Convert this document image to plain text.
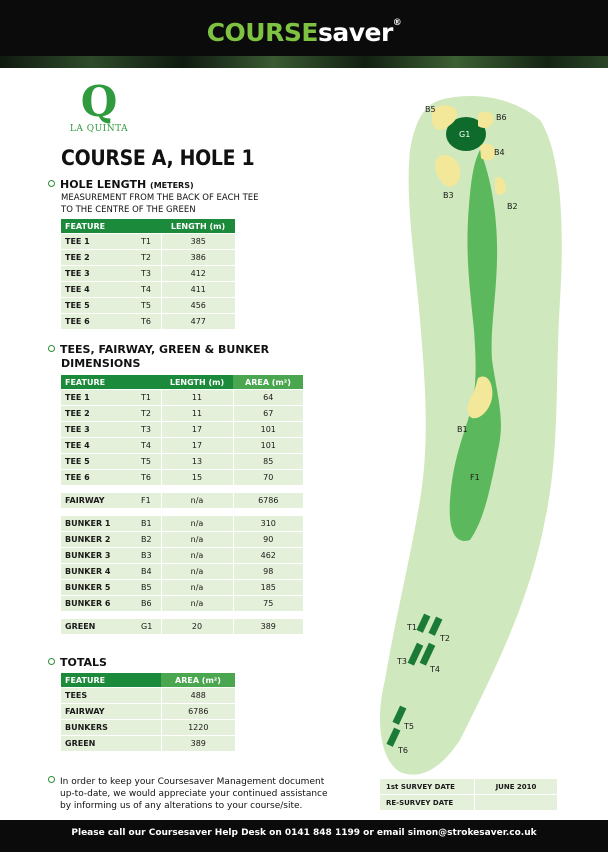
COURSEsaver®
Q
LA QUINTA
COURSE A, HOLE 1
HOLE LENGTH (METERS)
MEASUREMENT FROM THE BACK OF EACH TEE
TO THE CENTRE OF THE GREEN
FEATURE		LENGTH (m)
TEE 1	T1	385
TEE 2	T2	386
TEE 3	T3	412
TEE 4	T4	411
TEE 5	T5	456
TEE 6	T6	477
TEES, FAIRWAY, GREEN & BUNKER
DIMENSIONS
FEATURE		LENGTH (m)	AREA (m²)
TEE 1	T1	11	64
TEE 2	T2	11	67
TEE 3	T3	17	101
TEE 4	T4	17	101
TEE 5	T5	13	85
TEE 6	T6	15	70

FAIRWAY	F1	n/a	6786

BUNKER 1	B1	n/a	310
BUNKER 2	B2	n/a	90
BUNKER 3	B3	n/a	462
BUNKER 4	B4	n/a	98
BUNKER 5	B5	n/a	185
BUNKER 6	B6	n/a	75

GREEN	G1	20	389
TOTALS
FEATURE	AREA (m²)
TEES	488
FAIRWAY	6786
BUNKERS	1220
GREEN	389
In order to keep your Coursesaver Management document
up-to-date, we would appreciate your continued assistance
by informing us of any alterations to your course/site.
1st SURVEY DATE	JUNE 2010
RE-SURVEY DATE	
Please call our Coursesaver Help Desk on 0141 848 1199 or email simon@strokesaver.co.uk
G1
B5
B6
B4
B3
B2
B1
F1
T1
T2
T3
T4
T5
T6
